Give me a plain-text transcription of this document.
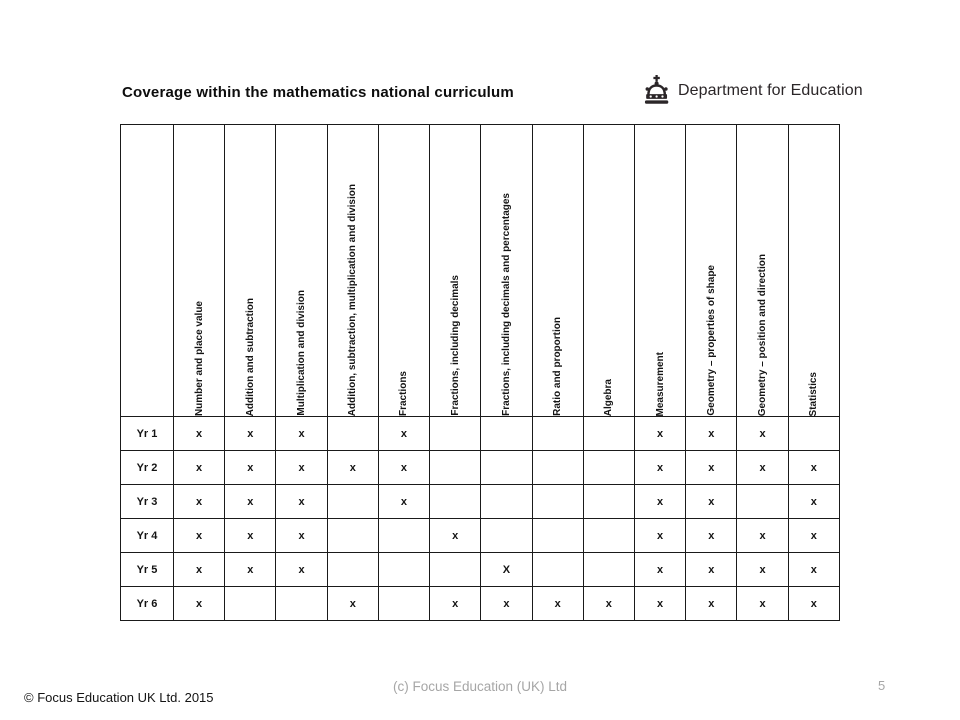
Coverage within the mathematics national curriculum	Department for Education

	Number and place value	Addition and subtraction	Multiplication and division	Addition, subtraction, multiplication and division	Fractions	Fractions, including decimals	Fractions, including decimals and percentages	Ratio and proportion	Algebra	Measurement	Geometry – properties of shape	Geometry – position and direction	Statistics

Yr 1	x	x	x		x					x	x	x	
Yr 2	x	x	x	x	x					x	x	x	x
Yr 3	x	x	x		x					x	x		x
Yr 4	x	x	x			x				x	x	x	x
Yr 5	x	x	x				X			x	x	x	x
Yr 6	x			x		x	x	x	x	x	x	x	x
© Focus Education UK Ltd. 2015
(c) Focus Education (UK) Ltd	5
